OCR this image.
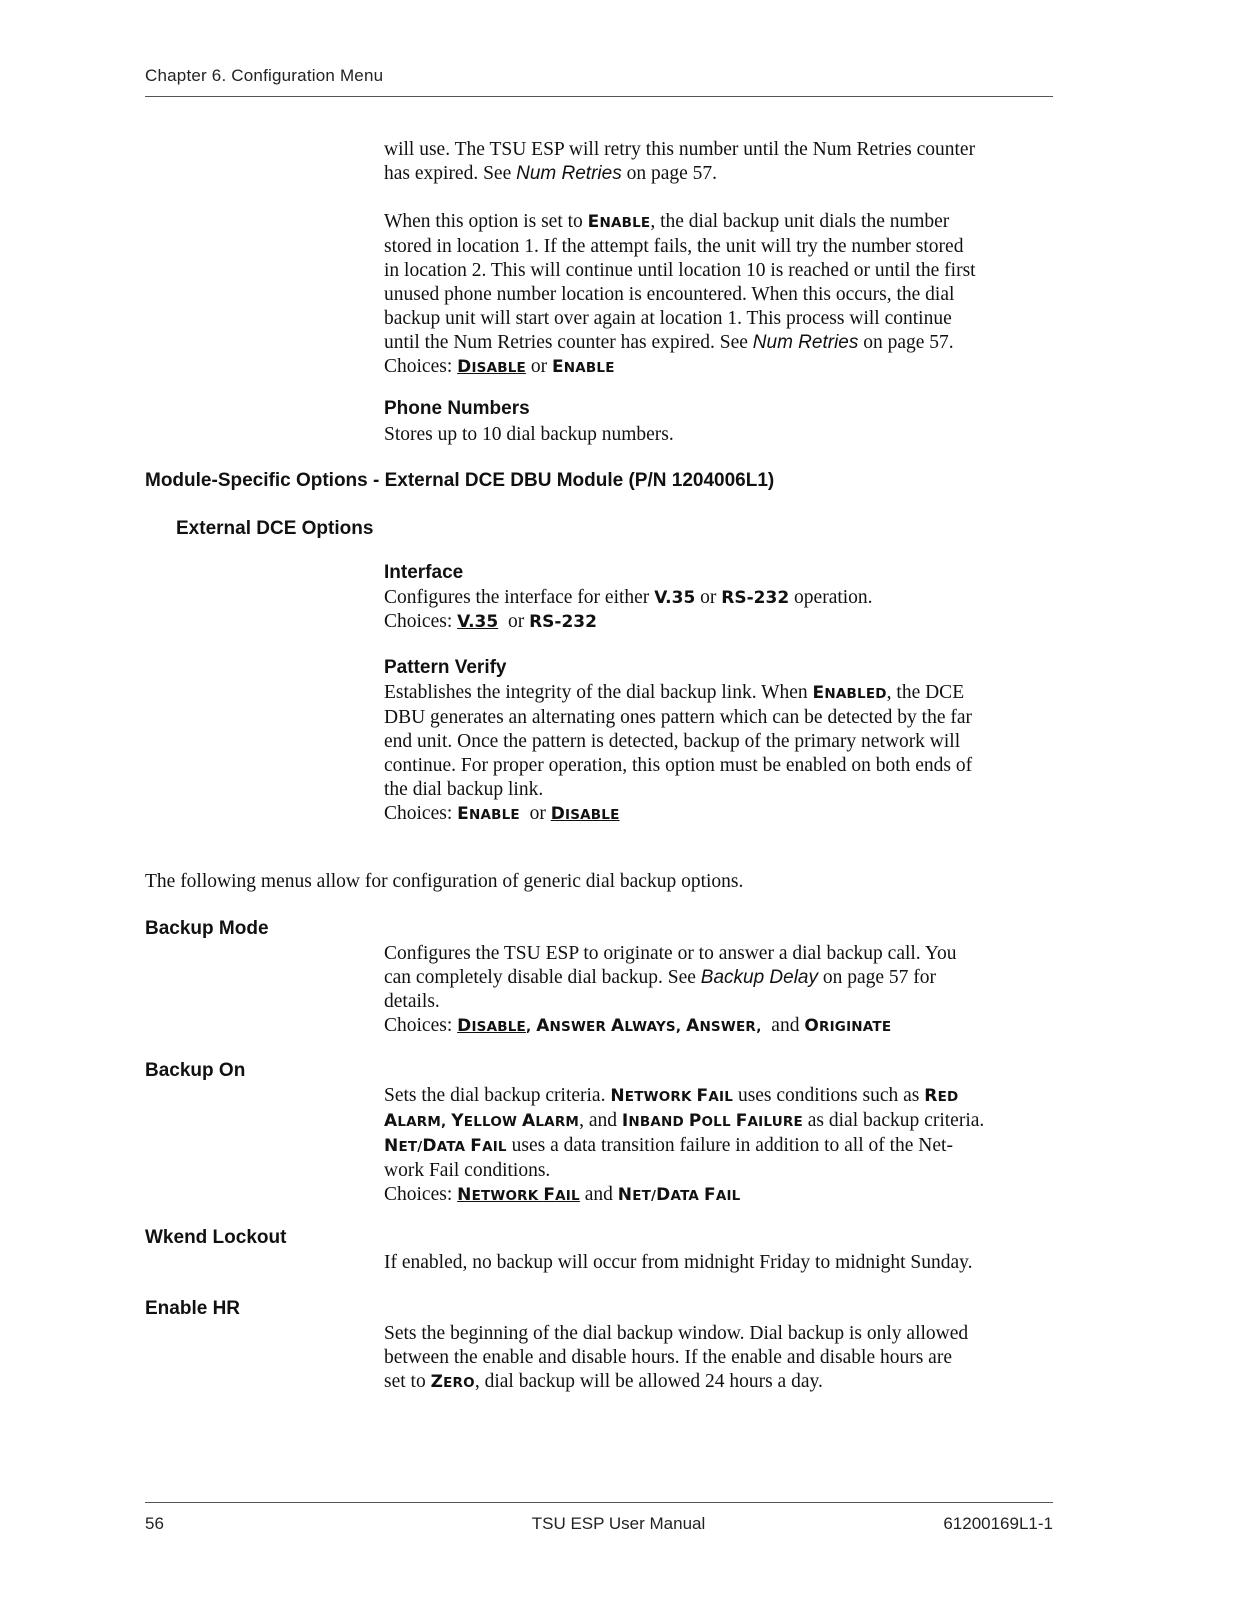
Chapter 6. Configuration Menu

will use. The TSU ESP will retry this number until the Num Retries counter

has expired. See Num Retries on page 57.

When this option is set to ENABLE, the dial backup unit dials the number

stored in location 1. If the attempt fails, the unit will try the number stored

in location 2. This will continue until location 10 is reached or until the first

unused phone number location is encountered. When this occurs, the dial

backup unit will start over again at location 1. This process will continue

until the Num Retries counter has expired. See Num Retries on page 57.

Choices: DISABLE or ENABLE

Phone Numbers
Stores up to 10 dial backup numbers.
Module-Specific Options - External DCE DBU Module (P/N 1204006L1)
External DCE Options
Interface

Configures the interface for either V.35 or RS-232 operation.

Choices: V.35  or RS-232

Pattern Verify

Establishes the integrity of the dial backup link. When ENABLED, the DCE

DBU generates an alternating ones pattern which can be detected by the far

end unit. Once the pattern is detected, backup of the primary network will

continue. For proper operation, this option must be enabled on both ends of

the dial backup link.

Choices: ENABLE  or DISABLE

The following menus allow for configuration of generic dial backup options.
Backup Mode

Configures the TSU ESP to originate or to answer a dial backup call. You

can completely disable dial backup. See Backup Delay on page 57 for

details.

Choices: DISABLE, ANSWER ALWAYS, ANSWER,  and ORIGINATE

Backup On

Sets the dial backup criteria. NETWORK FAIL uses conditions such as RED

ALARM, YELLOW ALARM, and INBAND POLL FAILURE as dial backup criteria.

NET/DATA FAIL uses a data transition failure in addition to all of the Net-

work Fail conditions.

Choices: NETWORK FAIL and NET/DATA FAIL

Wkend Lockout
If enabled, no backup will occur from midnight Friday to midnight Sunday.
Enable HR

Sets the beginning of the dial backup window. Dial backup is only allowed

between the enable and disable hours. If the enable and disable hours are

set to ZERO, dial backup will be allowed 24 hours a day.

56	TSU ESP User Manual	61200169L1-1
